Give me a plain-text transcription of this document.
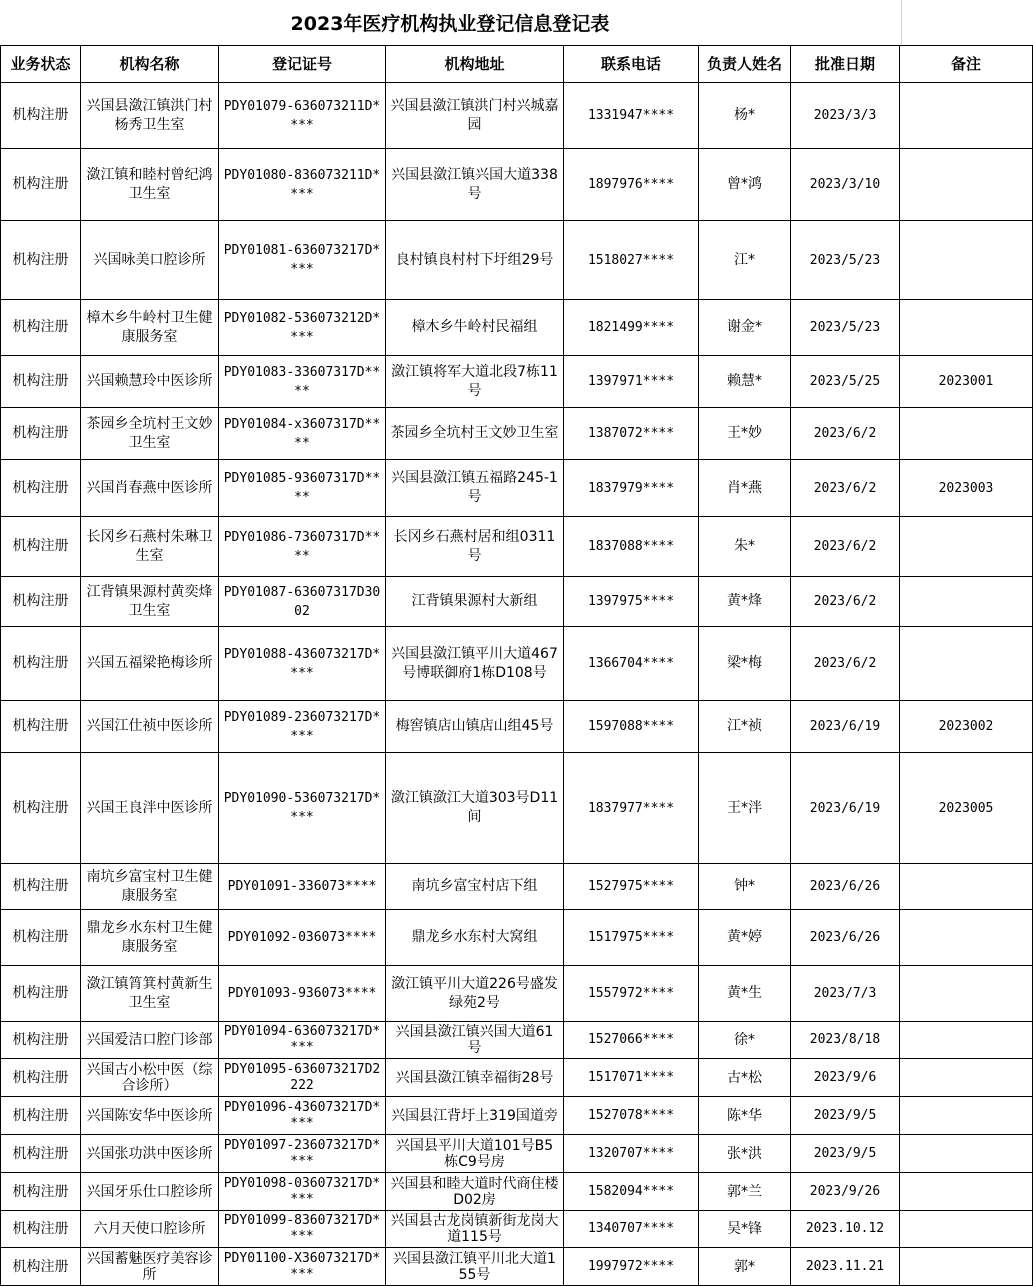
2023年医疗机构执业登记信息登记表
业务状态	机构名称	登记证号	机构地址	联系电话	负责人姓名	批准日期	备注
机构注册	兴国县潋江镇洪门村杨秀卫生室	PDY01079-636073211D****	兴国县潋江镇洪门村兴城嘉园	1331947****	杨*	2023/3/3	
机构注册	潋江镇和睦村曾纪鸿卫生室	PDY01080-836073211D****	兴国县潋江镇兴国大道338号	1897976****	曾*鸿	2023/3/10	
机构注册	兴国咏美口腔诊所	PDY01081-636073217D****	良村镇良村村下圩组29号	1518027****	江*	2023/5/23	
机构注册	樟木乡牛岭村卫生健康服务室	PDY01082-536073212D****	樟木乡牛岭村民福组	1821499****	谢金*	2023/5/23	
机构注册	兴国赖慧玲中医诊所	PDY01083-33607317D****	潋江镇将军大道北段7栋11号	1397971****	赖慧*	2023/5/25	2023001
机构注册	茶园乡全坑村王文妙卫生室	PDY01084-x3607317D****	茶园乡全坑村王文妙卫生室	1387072****	王*妙	2023/6/2	
机构注册	兴国肖春燕中医诊所	PDY01085-93607317D****	兴国县潋江镇五福路245-1号	1837979****	肖*燕	2023/6/2	2023003
机构注册	长冈乡石燕村朱琳卫生室	PDY01086-73607317D****	长冈乡石燕村居和组0311号	1837088****	朱*	2023/6/2	
机构注册	江背镇果源村黄奕烽卫生室	PDY01087-63607317D3002	江背镇果源村大新组	1397975****	黄*烽	2023/6/2	
机构注册	兴国五福梁艳梅诊所	PDY01088-436073217D****	兴国县潋江镇平川大道467号博联御府1栋D108号	1366704****	梁*梅	2023/6/2	
机构注册	兴国江仕祯中医诊所	PDY01089-236073217D****	梅窖镇店山镇店山组45号	1597088****	江*祯	2023/6/19	2023002
机构注册	兴国王良泮中医诊所	PDY01090-536073217D****	潋江镇潋江大道303号D11间	1837977****	王*泮	2023/6/19	2023005
机构注册	南坑乡富宝村卫生健康服务室	PDY01091-336073****	南坑乡富宝村店下组	1527975****	钟*	2023/6/26	
机构注册	鼎龙乡水东村卫生健康服务室	PDY01092-036073****	鼎龙乡水东村大窝组	1517975****	黄*婷	2023/6/26	
机构注册	潋江镇筲箕村黄新生卫生室	PDY01093-936073****	潋江镇平川大道226号盛发绿苑2号	1557972****	黄*生	2023/7/3	
机构注册	兴国爱洁口腔门诊部	PDY01094-636073217D****	兴国县潋江镇兴国大道61号	1527066****	徐*	2023/8/18	
机构注册	兴国古小松中医（综合诊所）	PDY01095-636073217D2222	兴国县潋江镇幸福街28号	1517071****	古*松	2023/9/6	
机构注册	兴国陈安华中医诊所	PDY01096-436073217D****	兴国县江背圩上319国道旁	1527078****	陈*华	2023/9/5	
机构注册	兴国张功洪中医诊所	PDY01097-236073217D****	兴国县平川大道101号B5栋C9号房	1320707****	张*洪	2023/9/5	
机构注册	兴国牙乐仕口腔诊所	PDY01098-036073217D****	兴国县和睦大道时代商住楼D02房	1582094****	郭*兰	2023/9/26	
机构注册	六月天使口腔诊所	PDY01099-836073217D****	兴国县古龙岗镇新街龙岗大道115号	1340707****	吴*锋	2023.10.12	
机构注册	兴国蓄魅医疗美容诊所	PDY01100-X36073217D****	兴国县潋江镇平川北大道155号	1997972****	郭*	2023.11.21	
